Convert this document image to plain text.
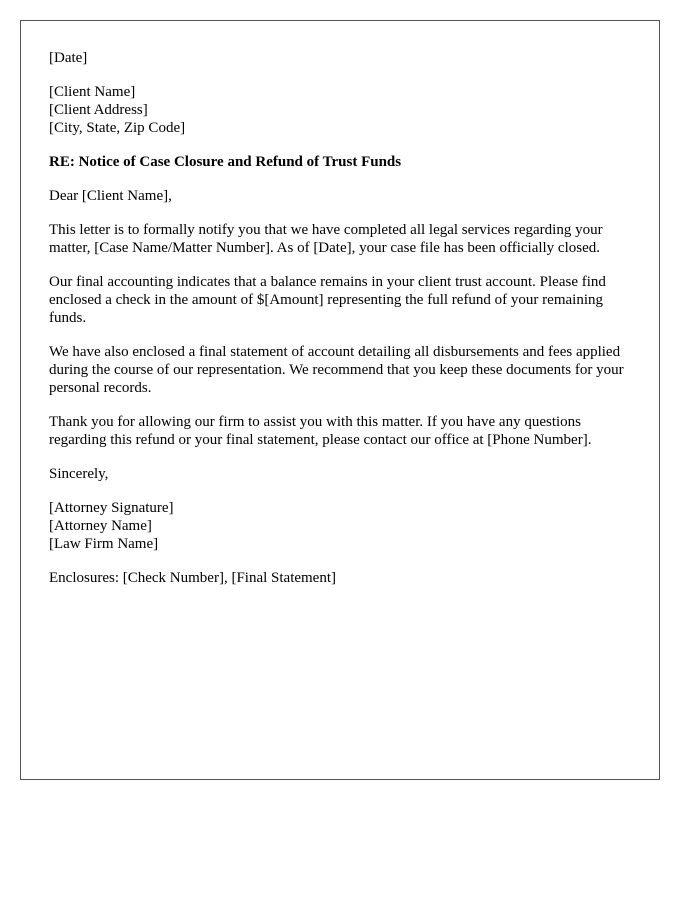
[Date]
[Client Name]
[Client Address]
[City, State, Zip Code]
RE: Notice of Case Closure and Refund of Trust Funds
Dear [Client Name],
This letter is to formally notify you that we have completed all legal services regarding your matter, [Case Name/Matter Number]. As of [Date], your case file has been officially closed.
Our final accounting indicates that a balance remains in your client trust account. Please find enclosed a check in the amount of $[Amount] representing the full refund of your remaining funds.
We have also enclosed a final statement of account detailing all disbursements and fees applied during the course of our representation. We recommend that you keep these documents for your personal records.
Thank you for allowing our firm to assist you with this matter. If you have any questions regarding this refund or your final statement, please contact our office at [Phone Number].
Sincerely,
[Attorney Signature]
[Attorney Name]
[Law Firm Name]
Enclosures: [Check Number], [Final Statement]
